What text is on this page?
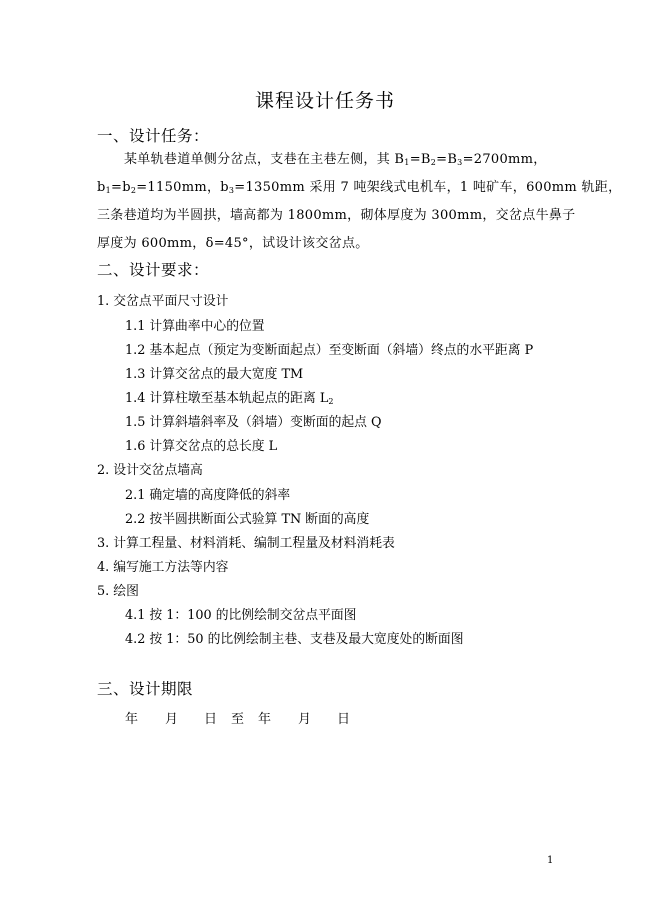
课程设计任务书
一、设计任务：
某单轨巷道单侧分岔点，支巷在主巷左侧，其 $B_1=B_2=B_3=2700mm$，
$b_1=b_2=1150mm$，$b_3=1350mm$ 采用 7 吨架线式电机车，1 吨矿车，600mm 轨距，
三条巷道均为半圆拱，墙高都为 1800mm，砌体厚度为 300mm，交岔点牛鼻子
厚度为 600mm，δ=45°，试设计该交岔点。
二、设计要求：
1. 交岔点平面尺寸设计
1.1 计算曲率中心的位置
1.2 基本起点（预定为变断面起点）至变断面（斜墙）终点的水平距离 P
1.3 计算交岔点的最大宽度 TM
1.4 计算柱墩至基本轨起点的距离 $L_2$
1.5 计算斜墙斜率及（斜墙）变断面的起点 Q
1.6 计算交岔点的总长度 L
2. 设计交岔点墙高
2.1 确定墙的高度降低的斜率
2.2 按半圆拱断面公式验算 TN 断面的高度
3. 计算工程量、材料消耗、编制工程量及材料消耗表
4. 编写施工方法等内容
5. 绘图
4.1 按 1：100 的比例绘制交岔点平面图
4.2 按 1：50 的比例绘制主巷、支巷及最大宽度处的断面图
三、设计期限
年 月 日 至 年 月 日
1
